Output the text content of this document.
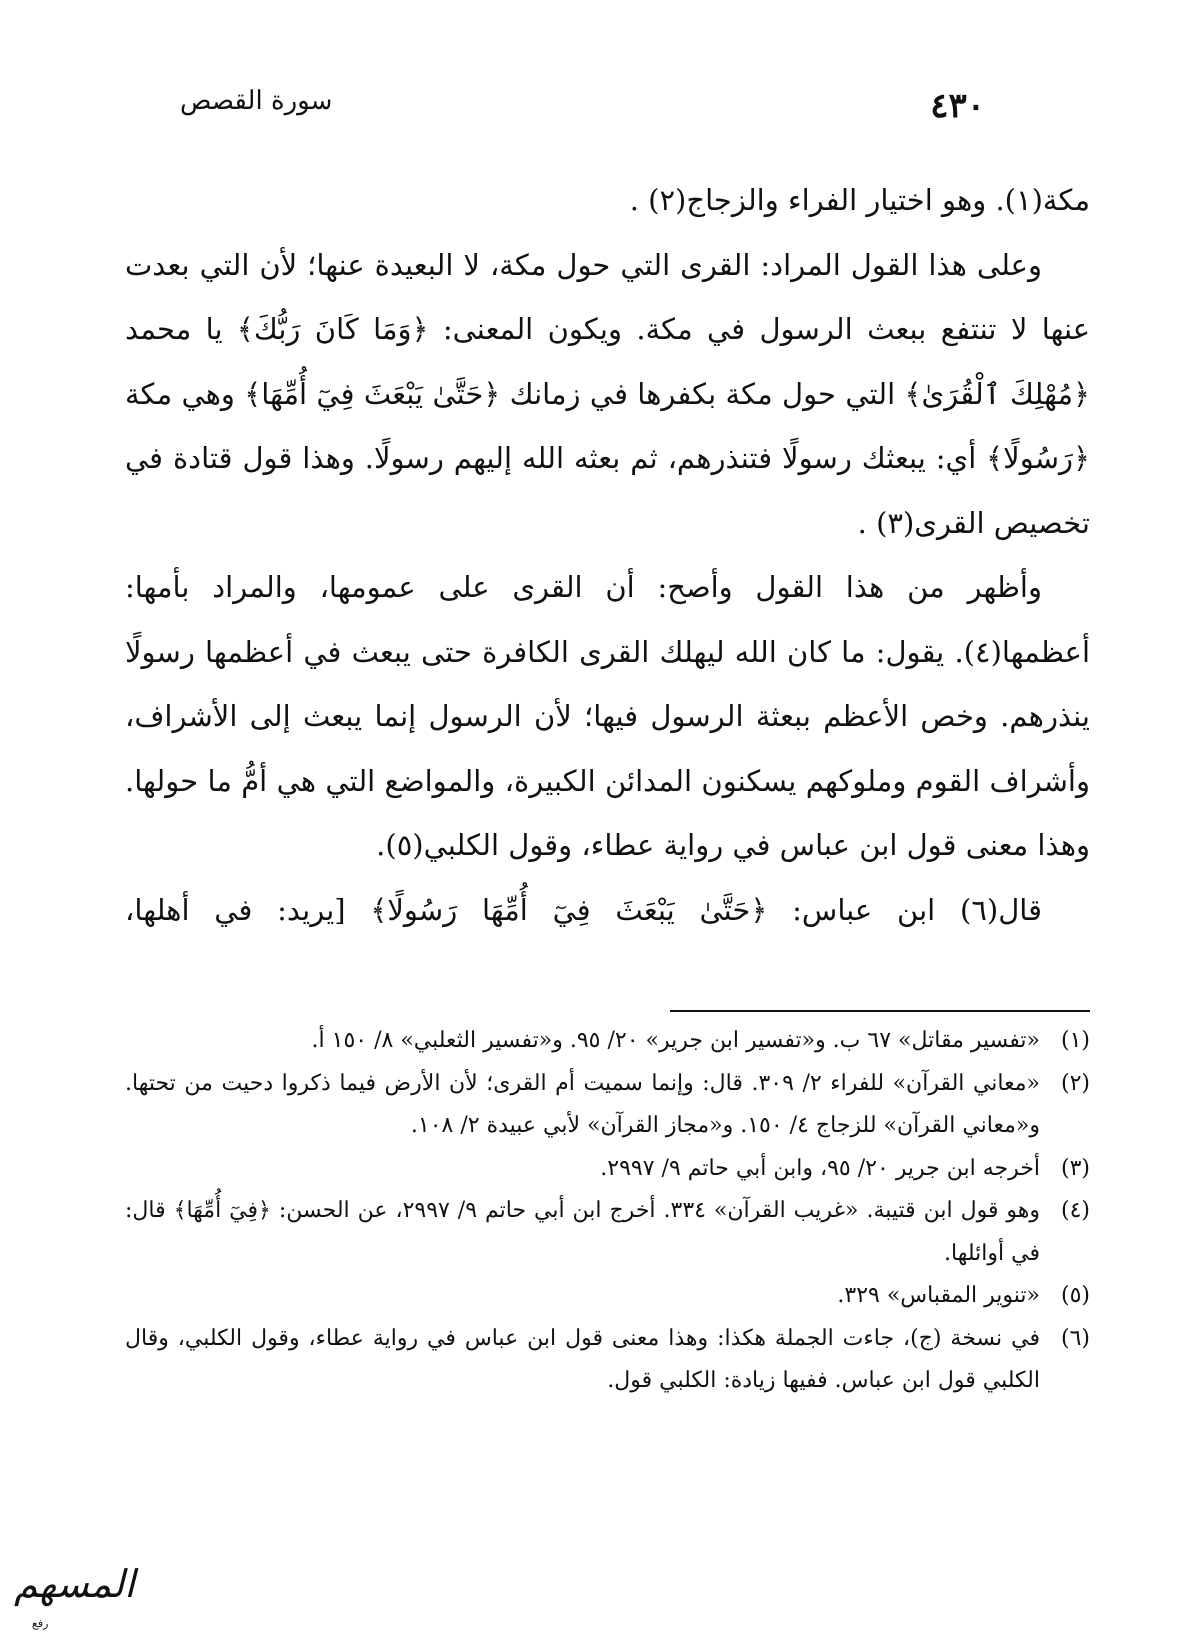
٤٣٠
سورة القصص

مكة(١). وهو اختيار الفراء والزجاج(٢) .

وعلى هذا القول المراد: القرى التي حول مكة، لا البعيدة عنها؛ لأن التي بعدت عنها لا تنتفع ببعث الرسول في مكة. ويكون المعنى: ﴿وَمَا كَانَ رَبُّكَ﴾ يا محمد ﴿مُهْلِكَ ٱلْقُرَىٰ﴾ التي حول مكة بكفرها في زمانك ﴿حَتَّىٰ يَبْعَثَ فِيٓ أُمِّهَا﴾ وهي مكة ﴿رَسُولًا﴾ أي: يبعثك رسولًا فتنذرهم، ثم بعثه الله إليهم رسولًا. وهذا قول قتادة في تخصيص القرى(٣) .

وأظهر من هذا القول وأصح: أن القرى على عمومها، والمراد بأمها: أعظمها(٤). يقول: ما كان الله ليهلك القرى الكافرة حتى يبعث في أعظمها رسولًا ينذرهم. وخص الأعظم ببعثة الرسول فيها؛ لأن الرسول إنما يبعث إلى الأشراف، وأشراف القوم وملوكهم يسكنون المدائن الكبيرة، والمواضع التي هي أمُّ ما حولها. وهذا معنى قول ابن عباس في رواية عطاء، وقول الكلبي(٥).

قال(٦) ابن عباس: ﴿حَتَّىٰ يَبْعَثَ فِيٓ أُمِّهَا رَسُولًا﴾ [يريد: في أهلها،

(١)
«تفسير مقاتل» ٦٧ ب. و«تفسير ابن جرير» ٢٠/ ٩٥. و«تفسير الثعلبي» ٨/ ١٥٠ أ.
(٢)
«معاني القرآن» للفراء ٢/ ٣٠٩. قال: وإنما سميت أم القرى؛ لأن الأرض فيما ذكروا دحيت من تحتها. و«معاني القرآن» للزجاج ٤/ ١٥٠. و«مجاز القرآن» لأبي عبيدة ٢/ ١٠٨.
(٣)
أخرجه ابن جرير ٢٠/ ٩٥، وابن أبي حاتم ٩/ ٢٩٩٧.
(٤)
وهو قول ابن قتيبة. «غريب القرآن» ٣٣٤. أخرج ابن أبي حاتم ٩/ ٢٩٩٧، عن الحسن: ﴿فِيٓ أُمِّهَا﴾ قال: في أوائلها.
(٥)
«تنوير المقباس» ٣٢٩.
(٦)
في نسخة (ج)، جاءت الجملة هكذا: وهذا معنى قول ابن عباس في رواية عطاء، وقول الكلبي، وقال الكلبي قول ابن عباس. ففيها زيادة: الكلبي قول.
المسهم
رفع
